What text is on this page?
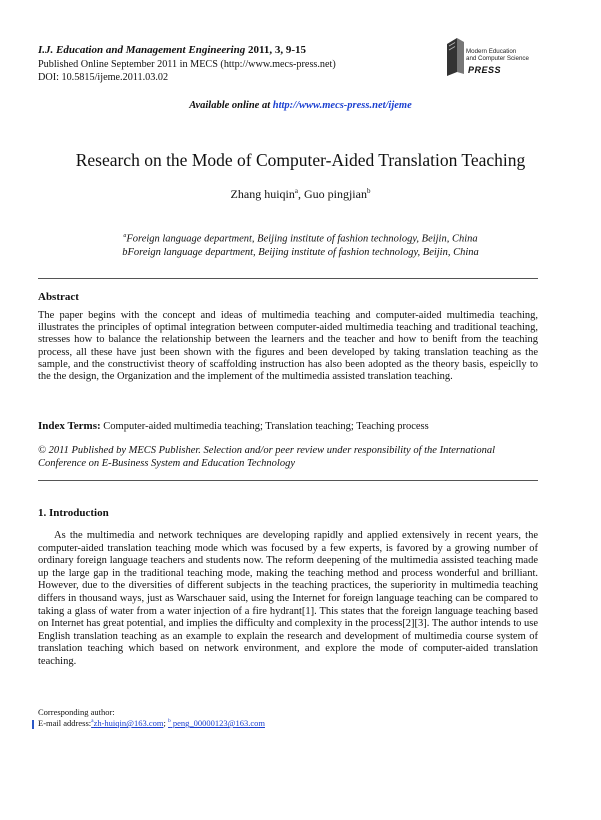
I.J. Education and Management Engineering 2011, 3, 9-15
Published Online September 2011 in MECS (http://www.mecs-press.net)
DOI: 10.5815/ijeme.2011.03.02
Modern Education
and Computer Science
PRESS
Available online at http://www.mecs-press.net/ijeme
Research on the Mode of Computer-Aided Translation Teaching
Zhang huiqin$^a$, Guo pingjian$^b$
$^a$Foreign language department, Beijing institute of fashion technology, Beijin, China
bForeign language department, Beijing institute of fashion technology, Beijin, China
Abstract
The paper begins with the concept and ideas of multimedia teaching and computer-aided multimedia teaching, illustrates the principles of optimal integration between computer-aided multimedia teaching and traditional teaching, stresses how to balance the relationship between the learners and the teacher and how to benift from the teaching process, all these have just been shown with the figures and been developed by taking translation teaching as the sample, and the constructivist theory of scaffolding instruction has also been adopted as the theory basis, espeiclly to the the design, the Organization and the implement of the multimedia assisted translation teaching.
Index Terms: Computer-aided multimedia teaching; Translation teaching; Teaching process
© 2011 Published by MECS Publisher. Selection and/or peer review under responsibility of the International Conference on E-Business System and Education Technology
1. Introduction
As the multimedia and network techniques are developing rapidly and applied extensively in recent years, the computer-aided translation teaching mode which was focused by a few experts, is favored by a growing number of ordinary foreign language teachers and students now. The reform deepening of the multimedia assisted teaching made up the large gap in the traditional teaching mode, making the teaching method and process wonderful and brilliant. However, due to the diversities of different subjects in the teaching practices, the superiority in multimedia teaching differs in thousand ways, just as Warschauer said, using the Internet for foreign language teaching can be compared to taking a glass of water from a water injection of a fire hydrant[1]. This states that the foreign language teaching based on Internet has great potential, and implies the difficulty and complexity in the process[2][3]. The author intends to use English translation teaching as an example to explain the research and development of multimedia course system of translation teaching which based on network environment, and explore the mode of computer-aided translation teaching.
Corresponding author:
E-mail address:$^a$zh-huiqin@163.com; $^b$ peng_00000123@163.com
